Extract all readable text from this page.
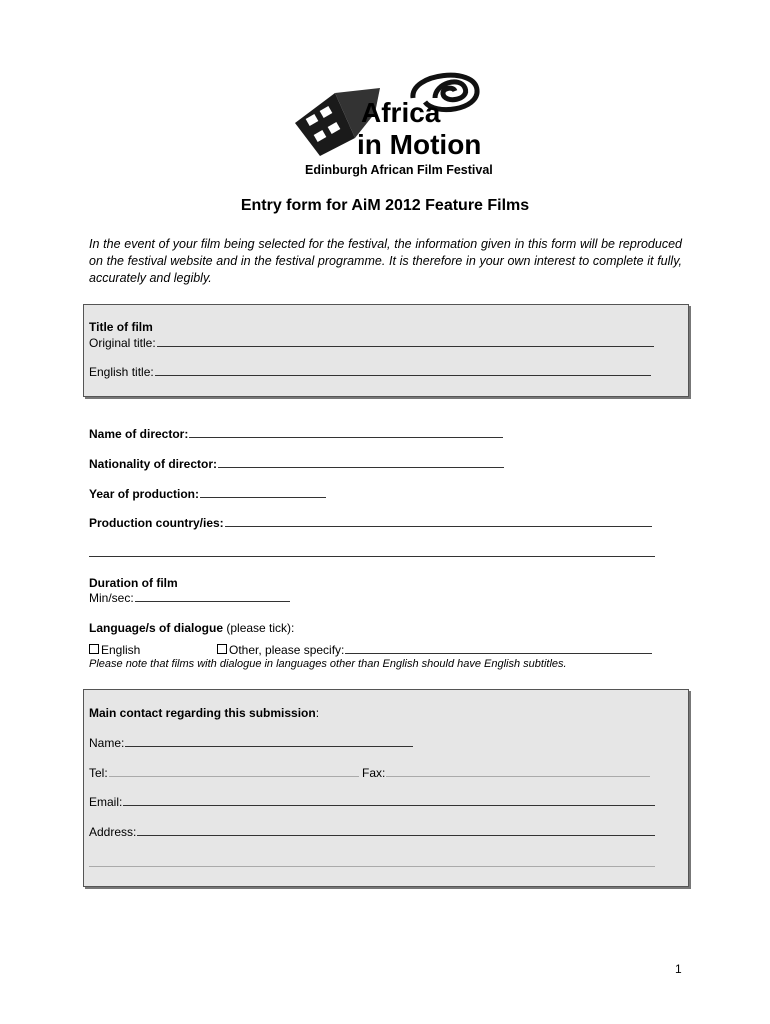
Africa
in Motion
Edinburgh African Film Festival
Entry form for AiM 2012 Feature Films
In the event of your film being selected for the festival, the information given in this form will be reproduced on the festival website and in the festival programme. It is therefore in your own interest to complete it fully, accurately and legibly.
Title of film
Original title:
English title:
Name of director:
Nationality of director:
Year of production:
Production country/ies:
Duration of film
Min/sec:
Language/s of dialogue (please tick):
English	Other, please specify:
Please note that films with dialogue in languages other than English should have English subtitles.
Main contact regarding this submission:
Name:
Tel:	Fax:
Email:
Address:
1
